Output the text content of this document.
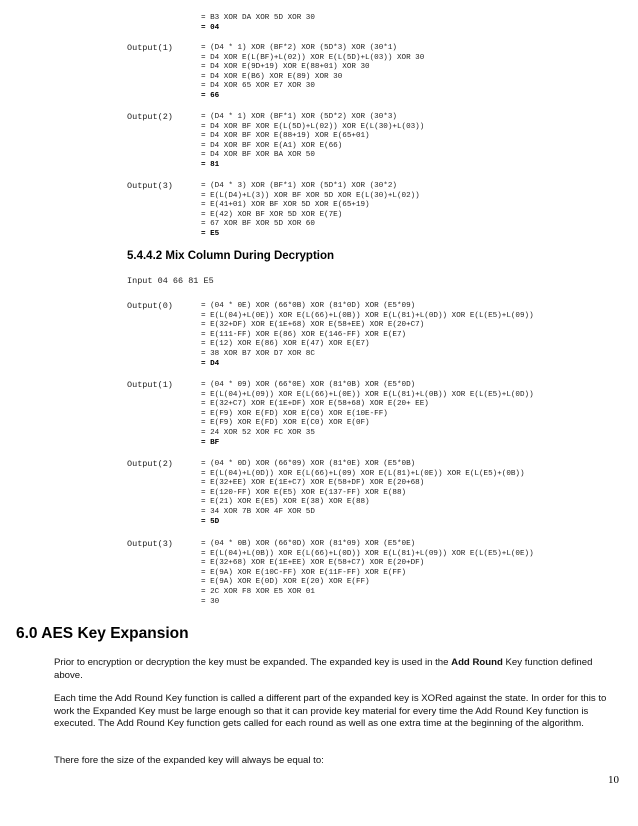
= B3 XOR DA XOR 5D XOR 30
= 04
Output(1)	= (D4 * 1) XOR (BF*2) XOR (5D*3) XOR (30*1)
= D4 XOR E(L(BF)+L(02)) XOR E(L(5D)+L(03)) XOR 30
= D4 XOR E(9D+19) XOR E(88+01) XOR 30
= D4 XOR E(B6) XOR E(89) XOR 30
= D4 XOR 65 XOR E7 XOR 30
= 66
Output(2)	= (D4 * 1) XOR (BF*1) XOR (5D*2) XOR (30*3)
= D4 XOR BF XOR E(L(5D)+L(02)) XOR E(L(30)+L(03))
= D4 XOR BF XOR E(88+19) XOR E(65+01)
= D4 XOR BF XOR E(A1) XOR E(66)
= D4 XOR BF XOR BA XOR 50
= 81
Output(3)	= (D4 * 3) XOR (BF*1) XOR (5D*1) XOR (30*2)
= E(L(D4)+L(3)) XOR BF XOR 5D XOR E(L(30)+L(02))
= E(41+01) XOR BF XOR 5D XOR E(65+19)
= E(42) XOR BF XOR 5D XOR E(7E)
= 67 XOR BF XOR 5D XOR 60
= E5
5.4.4.2 Mix Column During Decryption
Input 04 66 81 E5
Output(0)	= (04 * 0E) XOR (66*0B) XOR (81*0D) XOR (E5*09)
= E(L(04)+L(0E)) XOR E(L(66)+L(0B)) XOR E(L(81)+L(0D)) XOR E(L(E5)+L(09))
= E(32+DF) XOR E(1E+68) XOR E(58+EE) XOR E(20+C7)
= E(111-FF) XOR E(86) XOR E(146-FF) XOR E(E7)
= E(12) XOR E(86) XOR E(47) XOR E(E7)
= 38 XOR B7 XOR D7 XOR 8C
= D4
Output(1)	= (04 * 09) XOR (66*0E) XOR (81*0B) XOR (E5*0D)
= E(L(04)+L(09)) XOR E(L(66)+L(0E)) XOR E(L(81)+L(0B)) XOR E(L(E5)+L(0D))
= E(32+C7) XOR E(1E+DF) XOR E(58+68) XOR E(20+ EE)
= E(F9) XOR E(FD) XOR E(C0) XOR E(10E-FF)
= E(F9) XOR E(FD) XOR E(C0) XOR E(0F)
= 24 XOR 52 XOR FC XOR 35
= BF
Output(2)	= (04 * 0D) XOR (66*09) XOR (81*0E) XOR (E5*0B)
= E(L(04)+L(0D)) XOR E(L(66)+L(09) XOR E(L(81)+L(0E)) XOR E(L(E5)+(0B))
= E(32+EE) XOR E(1E+C7) XOR E(58+DF) XOR E(20+68)
= E(120-FF) XOR E(E5) XOR E(137-FF) XOR E(88)
= E(21) XOR E(E5) XOR E(38) XOR E(88)
= 34 XOR 7B XOR 4F XOR 5D
= 5D
Output(3)	= (04 * 0B) XOR (66*0D) XOR (81*09) XOR (E5*0E)
= E(L(04)+L(0B)) XOR E(L(66)+L(0D)) XOR E(L(81)+L(09)) XOR E(L(E5)+L(0E))
= E(32+68) XOR E(1E+EE) XOR E(58+C7) XOR E(20+DF)
= E(9A) XOR E(10C-FF) XOR E(11F-FF) XOR E(FF)
= E(9A) XOR E(0D) XOR E(20) XOR E(FF)
= 2C XOR F8 XOR E5 XOR 01
= 30
6.0 AES Key Expansion
Prior to encryption or decryption the key must be expanded. The expanded key is used in the Add Round Key function defined above.
Each time the Add Round Key function is called a different part of the expanded key is XORed against the state. In order for this to work the Expanded Key must be large enough so that it can provide key material for every time the Add Round Key function is executed. The Add Round Key function gets called for each round as well as one extra time at the beginning of the algorithm.
There fore the size of the expanded key will always be equal to:
10
